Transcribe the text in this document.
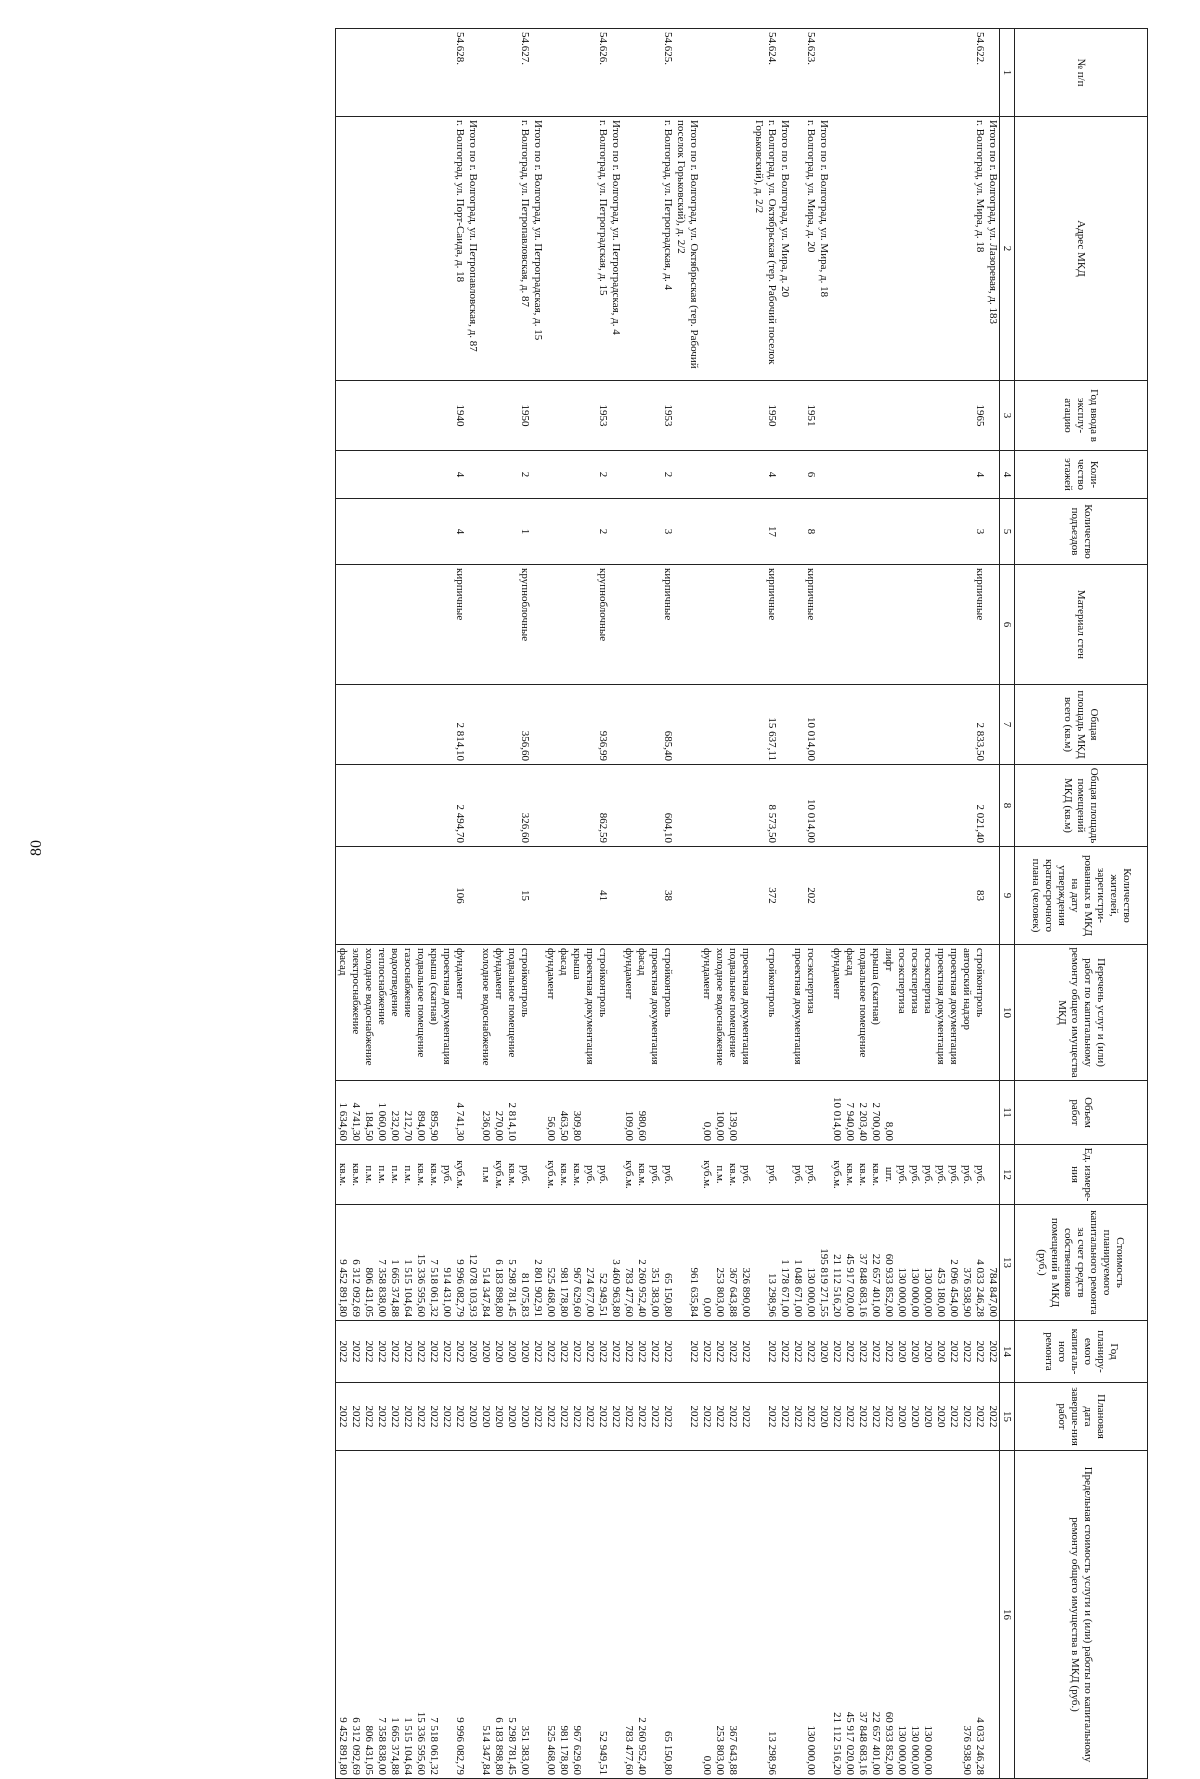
80
№ п/п	Адрес МКД	Год ввода в эксплу-атацию	Коли-чество этажей	Количество подъездов	Материал стен	Общая площадь МКД всего (кв.м)	Общая площадь помещений МКД (кв.м)	Количество жителей, зарегистри-рованных в МКД на дату утверждения краткосрочного плана (человек)	Перечень услуг и (или) работ по капитальному ремонту общего имущества МКД	Объем работ	Ед. измере-ния	Стоимость планируемого капитального ремонта за счет средств собственников помещений в МКД (руб.)	Год планиру-емого капиталь-ного ремонта	Плановая дата заверше-ния работ	Предельная стоимость услуги и (или) работы по капитальному ремонту общего имущества в МКД (руб.)
1	2	3	4	5	6	7	8	9	10	11	12	13	14	15	16
	Итого по г. Волгоград, ул. Лазоревая, д. 183											784 847,00	2022	2022	
54.622.	г. Волгоград, ул. Мира, д. 18	1965	4	3	кирпичные	2 833,50	2 021,40	83	стройконтроль		руб.	4 033 246,28	2022	2022	4 033 246,28
									авторский надзор		руб.	376 938,90	2022	2022	376 938,90
									проектная документация		руб.	2 096 454,00	2022	2022	
									проектная документация		руб.	453 180,00	2020	2020	
									госэкспертиза		руб.	130 000,00	2020	2020	130 000,00
									госэкспертиза		руб.	130 000,00	2020	2020	130 000,00
									госэкспертиза		руб.	130 000,00	2020	2020	130 000,00
									лифт	8,00	шт.	60 933 852,00	2022	2022	60 933 852,00
									крыша (скатная)	2 700,00	кв.м.	22 657 401,00	2022	2022	22 657 401,00
									подвальное помещение	2 203,40	кв.м.	37 848 683,16	2022	2022	37 848 683,16
									фасад	7 940,00	кв.м.	45 917 020,00	2022	2022	45 917 020,00
									фундамент	10 014,00	куб.м.	21 112 516,20	2022	2022	21 112 516,20
	Итого по г. Волгоград, ул. Мира, д. 18											195 819 271,55	2020	2020	
54.623.	г. Волгоград, ул. Мира, д. 20	1951	6	8	кирпичные	10 014,00	10 014,00	202	госэкспертиза		руб.	130 000,00	2022	2022	130 000,00
									проектная документация		руб.	1 048 671,00	2022	2022	
	Итого по г. Волгоград, ул. Мира, д. 20											1 178 671,00	2022	2022	
54.624.	г. Волгоград, ул. Октябрьская (тер. Рабочий поселок Горьковский), д. 2/2	1950	4	17	кирпичные	15 637,11	8 573,50	372	стройконтроль		руб.	13 298,96	2022	2022	13 298,96
									проектная документация		руб.	326 890,00	2022	2022	
									подвальное помещение	139,00	кв.м.	367 643,88	2022	2022	367 643,88
									холодное водоснабжение	100,00	п.м.	253 803,00	2022	2022	253 803,00
									фундамент	0,00	куб.м.	0,00	2022	2022	0,00
	Итого по г. Волгоград, ул. Октябрьская (тер. Рабочий поселок Горьковский), д. 2/2											961 635,84	2022	2022	
54.625.	г. Волгоград, ул. Петроградская, д. 4	1953	2	3	кирпичные	685,40	604,10	38	стройконтроль		руб.	65 150,80	2022	2022	65 150,80
									проектная документация		руб.	351 383,00	2022	2022	
									фасад	980,60	кв.м.	2 260 952,40	2022	2022	2 260 952,40
									фундамент	109,00	куб.м.	783 477,60	2022	2022	783 477,60
	Итого по г. Волгоград, ул. Петроградская, д. 4											3 460 963,80	2022	2022	
54.626.	г. Волгоград, ул. Петроградская, д. 15	1953	2	2	крупноблочные	936,99	862,59	41	стройконтроль		руб.	52 949,51	2022	2022	52 949,51
									проектная документация		руб.	274 677,00	2022	2022	
									крыша	309,80	кв.м.	967 629,60	2022	2022	967 629,60
									фасад	463,50	кв.м.	981 178,80	2022	2022	981 178,80
									фундамент	56,00	куб.м.	525 468,00	2022	2022	525 468,00
	Итого по г. Волгоград, ул. Петроградская, д. 15											2 801 902,91	2022	2022	
54.627.	г. Волгоград, ул. Петропавловская, д. 87	1950	2	1	крупноблочные	356,60	326,60	15	стройконтроль		руб.	81 075,83	2020	2020	351 383,00
									подвальное помещение	2 814,10	кв.м.	5 298 781,45	2020	2020	5 298 781,45
									фундамент	270,00	куб.м.	6 183 898,80	2020	2020	6 183 898,80
									холодное водоснабжение	236,00	п.м	514 347,84	2020	2020	514 347,84
	Итого по г. Волгоград, ул. Петропавловская, д. 87											12 078 103,93	2020	2020	
54.628.	г. Волгоград, ул. Порт-Саида, д. 18	1940	4	4	кирпичные	2 814,10	2 494,70	106	фундамент	4 741,30	куб.м.	9 996 082,79	2022	2022	9 996 082,79
									проектная документация		руб.	914 431,00	2022	2022	
									крыша (скатная)	895,90	кв.м.	7 518 061,32	2022	2022	7 518 061,32
									подвальное помещение	894,00	кв.м.	15 336 595,60	2022	2022	15 336 595,60
									газоснабжение	212,70	п.м.	1 515 104,64	2022	2022	1 515 104,64
									водоотведение	232,00	п.м.	1 665 374,88	2022	2022	1 665 374,88
									теплоснабжение	1 060,00	п.м.	7 358 838,00	2022	2022	7 358 838,00
									холодное водоснабжение	184,50	п.м.	806 431,05	2022	2022	806 431,05
									электроснабжение	4 741,30	кв.м.	6 312 092,69	2022	2022	6 312 092,69
									фасад	1 634,60	кв.м.	9 452 891,80	2022	2022	9 452 891,80
